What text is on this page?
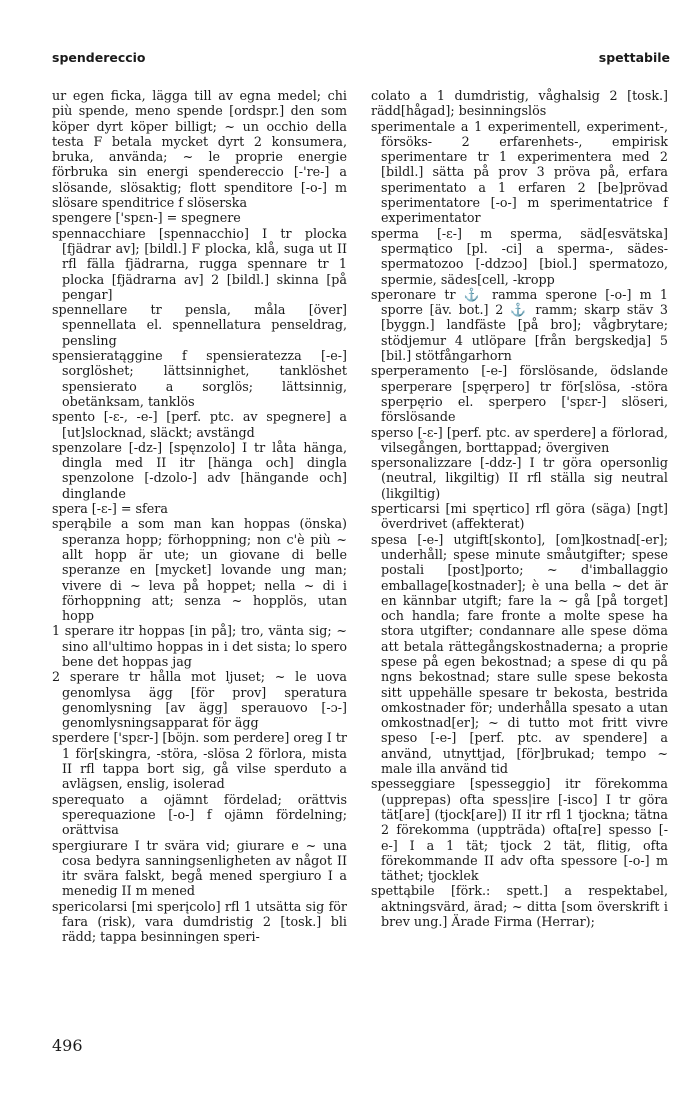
spendereccio	spettabile

ur egen ficka, lägga till av egna medel; chi più spende, meno spende [ordspr.] den som köper dyrt köper billigt; ~ un occhio della testa F betala mycket dyrt 2 konsumera, bruka, använda; ~ le proprie energie förbruka sin energi spendereccio [-'re-] a slösande, slösaktig; flott spenditore [-o-] m slösare spenditrice f slöserska

spengere ['spɛn-] = spegnere

spennacchiare [spennacchio] I tr plocka [fjädrar av]; [bildl.] F plocka, klå, suga ut II rfl fälla fjädrarna, rugga spennare tr 1 plocka [fjädrarna av] 2 [bildl.] skinna [på pengar]

spennellare tr pensla, måla [över] spennellata el. spennellatura penseldrag, pensling

spensieratąggine f spensieratezza [-e-] sorglöshet; lättsinnighet, tanklöshet spensierato a sorglös; lättsinnig, obetänksam, tanklös

spento [-ɛ-, -e-] [perf. ptc. av spegnere] a [ut]slocknad, släckt; avstängd

spenzolare [-dz-] [spęnzolo] I tr låta hänga, dingla med II itr [hänga och] dingla spenzolone [-dzolo-] adv [hängande och] dinglande

spera [-ɛ-] = sfera

sperąbile a som man kan hoppas (önska) speranza hopp; förhoppning; non c'è più ~ allt hopp är ute; un giovane di belle speranze en [mycket] lovande ung man; vivere di ~ leva på hoppet; nella ~ di i förhoppning att; senza ~ hopplös, utan hopp

1 sperare itr hoppas [in på]; tro, vänta sig; ~ sino all'ultimo hoppas in i det sista; lo spero bene det hoppas jag

2 sperare tr hålla mot ljuset; ~ le uova genomlysa ägg [för prov] speratura genomlysning [av ägg] sperauovo [-ɔ-] genomlysningsapparat för ägg

sperdere ['spɛr-] [böjn. som perdere] oreg I tr 1 för[skingra, -störa, -slösa 2 förlora, mista II rfl tappa bort sig, gå vilse sperduto a avlägsen, enslig, isolerad

sperequato a ojämnt fördelad; orättvis sperequazione [-o-] f ojämn fördelning; orättvisa

spergiurare I tr svära vid; giurare e ~ una cosa bedyra sanningsenligheten av något II itr svära falskt, begå mened spergiuro I a menedig II m mened

spericolarsi [mi sperįcolo] rfl 1 utsätta sig för fara (risk), vara dumdristig 2 [tosk.] bli rädd; tappa besinningen speri-

colato a 1 dumdristig, våghalsig 2 [tosk.] rädd[hågad]; besinningslös

sperimentale a 1 experimentell, experiment-, försöks- 2 erfarenhets-, empirisk sperimentare tr 1 experimentera med 2 [bildl.] sätta på prov 3 pröva på, erfara sperimentato a 1 erfaren 2 [be]prövad sperimentatore [-o-] m sperimentatrice f experimentator

sperma [-ɛ-] m sperma, säd[esvätska] spermątico [pl. -ci] a sperma-, sädes- spermatozoo [-ddzɔo] [biol.] spermatozo, spermie, sädes[cell, -kropp

speronare tr ⚓ ramma sperone [-o-] m 1 sporre [äv. bot.] 2 ⚓ ramm; skarp stäv 3 [byggn.] landfäste [på bro]; vågbrytare; stödjemur 4 utlöpare [från bergskedja] 5 [bil.] stötfångarhorn

sperperamento [-e-] förslösande, ödslande sperperare [spęrpero] tr för[slösa, -störa sperpęrio el. sperpero ['spɛr-] slöseri, förslösande

sperso [-ɛ-] [perf. ptc. av sperdere] a förlorad, vilsegången, borttappad; övergiven

spersonalizzare [-ddz-] I tr göra opersonlig (neutral, likgiltig) II rfl ställa sig neutral (likgiltig)

sperticarsi [mi spęrtico] rfl göra (säga) [ngt] överdrivet (affekterat)

spesa [-e-] utgift[skonto], [om]kostnad[-er]; underhåll; spese minute småutgifter; spese postali [post]porto; ~ d'imballaggio emballage[kostnader]; è una bella ~ det är en kännbar utgift; fare la ~ gå [på torget] och handla; fare fronte a molte spese ha stora utgifter; condannare alle spese döma att betala rättegångskostnaderna; a proprie spese på egen bekostnad; a spese di qu på ngns bekostnad; stare sulle spese bekosta sitt uppehälle spesare tr bekosta, bestrida omkostnader för; underhålla spesato a utan omkostnad[er]; ~ di tutto mot fritt vivre speso [-e-] [perf. ptc. av spendere] a använd, utnyttjad, [för]brukad; tempo ~ male illa använd tid

spesseggiare [spesseggio] itr förekomma (upprepas) ofta spess|ire [-isco] I tr göra tät[are] (tjock[are]) II itr rfl 1 tjockna; tätna 2 förekomma (uppträda) ofta[re] spesso [-e-] I a 1 tät; tjock 2 tät, flitig, ofta förekommande II adv ofta spessore [-o-] m täthet; tjocklek

spettąbile [förk.: spett.] a respektabel, aktningsvärd, ärad; ~ ditta [som överskrift i brev ung.] Ärade Firma (Herrar);

496
